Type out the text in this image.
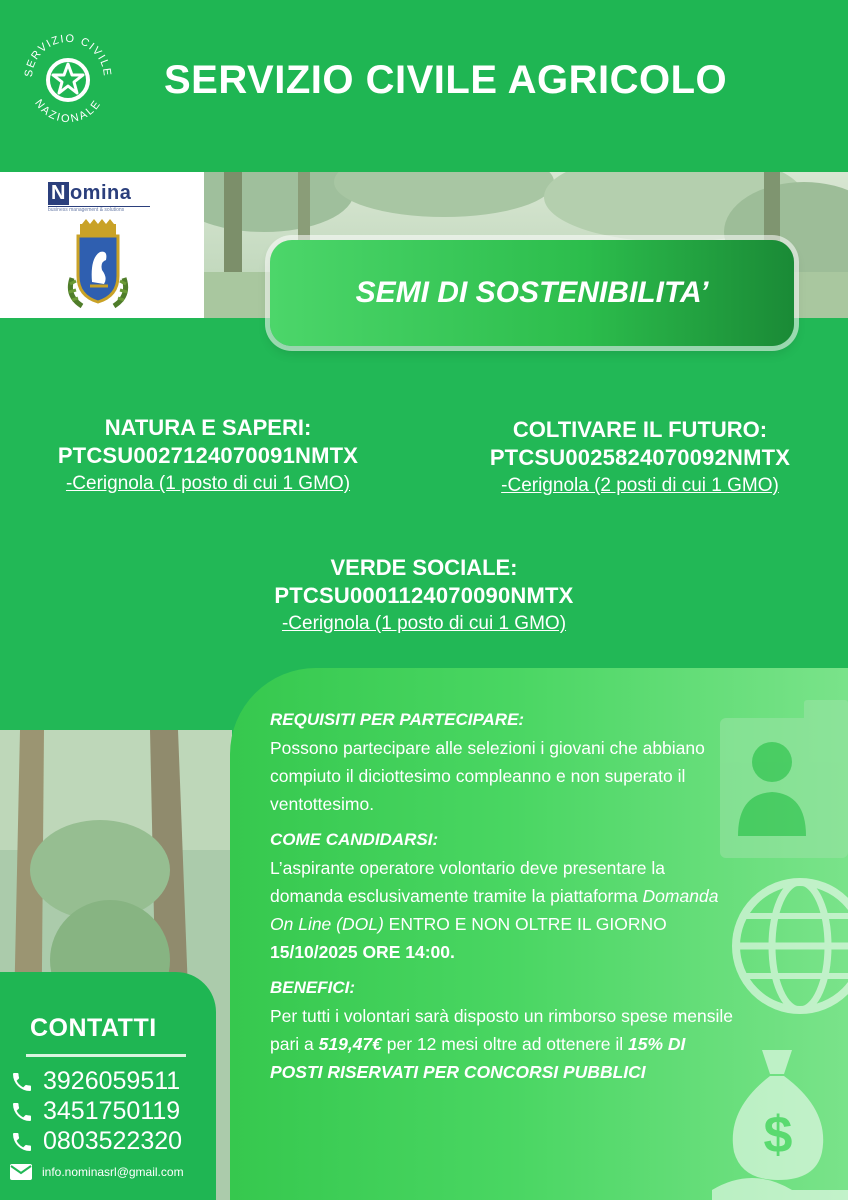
SERVIZIO CIVILE
NAZIONALE
SERVIZIO CIVILE AGRICOLO
N omina
business management & solutions
SEMI DI SOSTENIBILITA’
NATURA E SAPERI:
PTCSU0027124070091NMTX
-Cerignola (1 posto di cui 1 GMO)
COLTIVARE IL FUTURO:
PTCSU0025824070092NMTX
-Cerignola (2 posti di cui 1 GMO)
VERDE SOCIALE:
PTCSU0001124070090NMTX
-Cerignola (1 posto di cui 1 GMO)
$
REQUISITI PER PARTECIPARE:
Possono partecipare alle selezioni i giovani che abbiano compiuto il diciottesimo compleanno e non superato il ventottesimo.
COME CANDIDARSI:
L’aspirante operatore volontario deve presentare la domanda esclusivamente tramite la piattaforma Domanda On Line (DOL) ENTRO E NON OLTRE IL GIORNO 15/10/2025 ORE 14:00.
BENEFICI:
Per tutti i volontari sarà disposto un rimborso spese mensile pari a 519,47€ per 12 mesi oltre ad ottenere il 15% DI POSTI RISERVATI PER CONCORSI PUBBLICI
CONTATTI
3926059511
3451750119
0803522320
info.nominasrl@gmail.com
